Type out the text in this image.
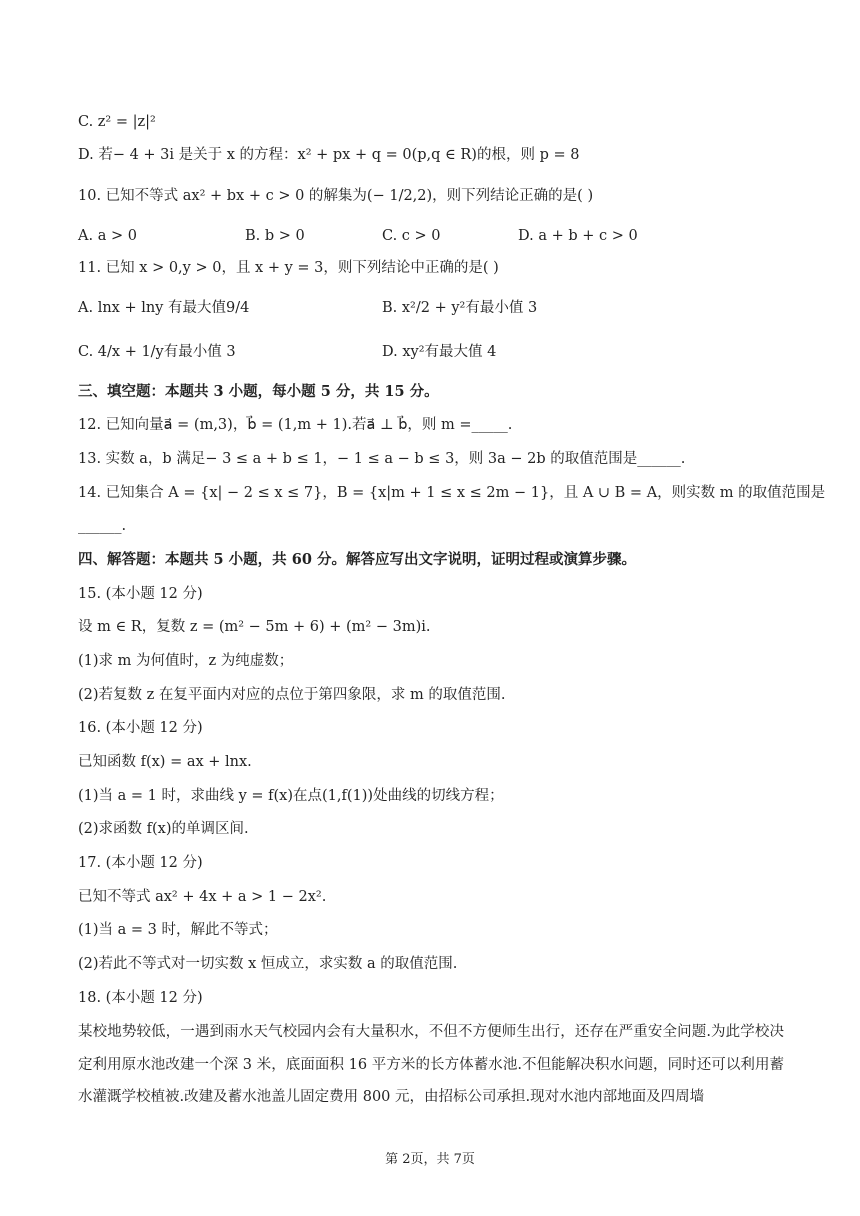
C. z² = |z|²
D. 若− 4 + 3i 是关于 x 的方程：x² + px + q = 0(p,q ∈ R)的根，则 p = 8
10. 已知不等式 ax² + bx + c > 0 的解集为(− 1/2,2)，则下列结论正确的是( )
A. a > 0	B. b > 0	C. c > 0	D. a + b + c > 0
11. 已知 x > 0,y > 0，且 x + y = 3，则下列结论中正确的是( )
A. lnx + lny 有最大值9/4	B. x²/2 + y²有最小值 3
C. 4/x + 1/y有最小值 3	D. xy²有最大值 4
三、填空题：本题共 3 小题，每小题 5 分，共 15 分。
12. 已知向量a⃗ = (m,3)，b⃗ = (1,m + 1).若a⃗ ⊥ b⃗，则 m =_____.
13. 实数 a，b 满足− 3 ≤ a + b ≤ 1，− 1 ≤ a − b ≤ 3，则 3a − 2b 的取值范围是______.
14. 已知集合 A = {x| − 2 ≤ x ≤ 7}，B = {x|m + 1 ≤ x ≤ 2m − 1}，且 A ∪ B = A，则实数 m 的取值范围是
______.
四、解答题：本题共 5 小题，共 60 分。解答应写出文字说明，证明过程或演算步骤。
15. (本小题 12 分)
设 m ∈ R，复数 z = (m² − 5m + 6) + (m² − 3m)i.
(1)求 m 为何值时，z 为纯虚数；
(2)若复数 z 在复平面内对应的点位于第四象限，求 m 的取值范围.
16. (本小题 12 分)
已知函数 f(x) = ax + lnx.
(1)当 a = 1 时，求曲线 y = f(x)在点(1,f(1))处曲线的切线方程；
(2)求函数 f(x)的单调区间.
17. (本小题 12 分)
已知不等式 ax² + 4x + a > 1 − 2x².
(1)当 a = 3 时，解此不等式；
(2)若此不等式对一切实数 x 恒成立，求实数 a 的取值范围.
18. (本小题 12 分)
某校地势较低，一遇到雨水天气校园内会有大量积水，不但不方便师生出行，还存在严重安全问题.为此学校决定利用原水池改建一个深 3 米，底面面积 16 平方米的长方体蓄水池.不但能解决积水问题，同时还可以利用蓄水灌溉学校植被.改建及蓄水池盖儿固定费用 800 元，由招标公司承担.现对水池内部地面及四周墙
第 2页，共 7页
